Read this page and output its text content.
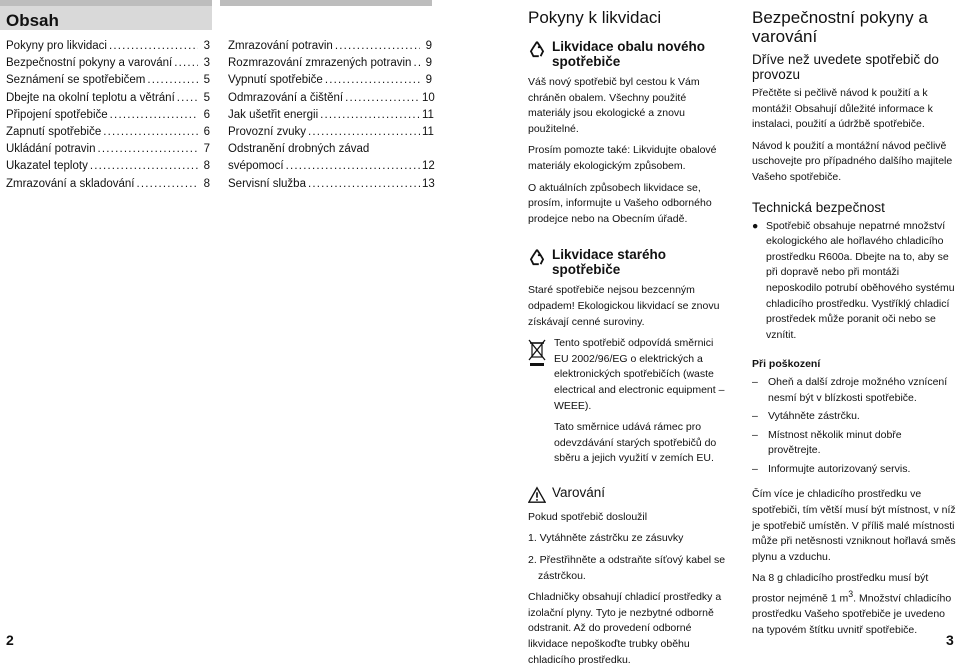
Obsah
Pokyny pro likvidaci .....	3
Bezpečnostní pokyny a varování .....	3
Seznámení se spotřebičem .....	5
Dbejte na okolní teplotu a větrání .....	5
Připojení spotřebiče .....	6
Zapnutí spotřebiče .....	6
Ukládání potravin .....	7
Ukazatel teploty .....	8
Zmrazování a skladování .....	8
Zmrazování potravin .....	9
Rozmrazování zmrazených potravin .....	9
Vypnutí spotřebiče .....	9
Odmrazování a čištění .....	10
Jak ušetřit energii .....	11
Provozní zvuky .....	11
Odstranění drobných závad
svépomocí .....	12
Servisní služba .....	13
Pokyny k likvidaci
Likvidace obalu nového spotřebiče

Váš nový spotřebič byl cestou k Vám chráněn obalem. Všechny použité materiály jsou ekologické a znovu použitelné.

Prosím pomozte také: Likvidujte obalové materiály ekologickým způsobem.

O aktuálních způsobech likvidace se, prosím, informujte u Vašeho odborného prodejce nebo na Obecním úřadě.

Likvidace starého spotřebiče

Staré spotřebiče nejsou bezcenným odpadem! Ekologickou likvidací se znovu získávají cenné suroviny.

Tento spotřebič odpovídá směrnici EU 2002/96/EG o elektrických a elektronických spotřebičích (waste electrical and electronic equipment – WEEE).

Tato směrnice udává rámec pro odevzdávání starých spotřebičů do sběru a jejich využití v zemích EU.

Varování

Pokud spotřebič dosloužil

1. Vytáhněte zástrčku ze zásuvky

2. Přestřihněte a odstraňte síťový kabel se zástrčkou.

Chladničky obsahují chladicí prostředky a izolační plyny. Tyto je nezbytné odborně odstranit. Až do provedení odborné likvidace nepoškoďte trubky oběhu chladicího prostředku.

Bezpečnostní pokyny a varování
Dříve než uvedete spotřebič do provozu

Přečtěte si pečlivě návod k použití a k montáži! Obsahují důležité informace k instalaci, použití a údržbě spotřebiče.

Návod k použití a montážní návod pečlivě uschovejte pro případného dalšího majitele Vašeho spotřebiče.

Technická bezpečnost
● Spotřebič obsahuje nepatrné množství ekologického ale hořlavého chladicího prostředku R600a. Dbejte na to, aby se při dopravě nebo při montáži neposkodilo potrubí oběhového systému chladicího prostředku. Vystříklý chladicí prostředek může poranit oči nebo se vznítit.

Při poškození

– Oheň a další zdroje možného vznícení nesmí být v blízkosti spotřebiče.
– Vytáhněte zástrčku.
– Místnost několik minut dobře provětrejte.
– Informujte autorizovaný servis.

Čím více je chladicího prostředku ve spotřebiči, tím větší musí být místnost, v níž je spotřebič umístěn. V příliš malé místnosti může při netěsnosti vzniknout hořlavá směs plynu a vzduchu.

Na 8 g chladicího prostředku musí být prostor nejméně 1 $m^3$. Množství chladicího prostředku Vašeho spotřebiče je uvedeno na typovém štítku uvnitř spotřebiče.

2	3
